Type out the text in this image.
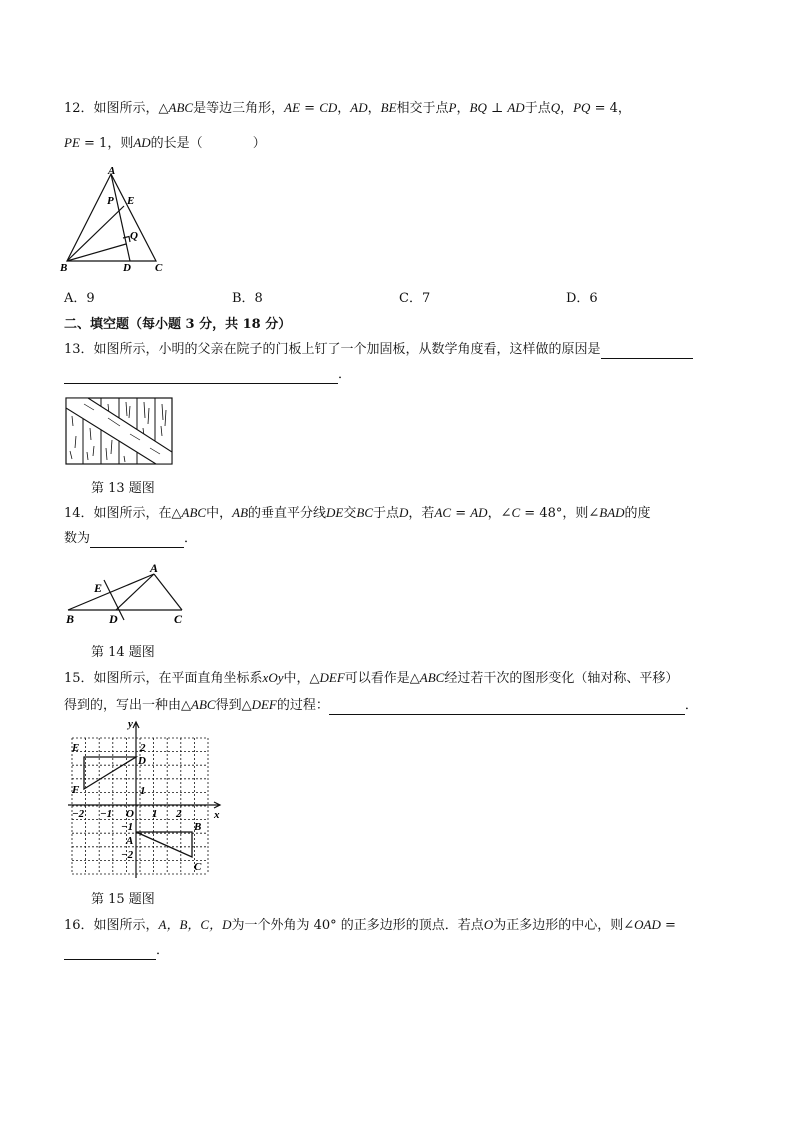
12．如图所示，△ABC是等边三角形，AE = CD，AD，BE相交于点P，BQ ⊥ AD于点Q，PQ = 4，
PE = 1，则AD的长是（	）
A
B	C
D
E
P
Q
A．9	B．8	C．7	D．6
二、填空题（每小题 3 分，共 18 分）
13．如图所示，小明的父亲在院子的门板上钉了一个加固板，从数学角度看，这样做的原因是
．
第 13 题图
14．如图所示，在△ABC中，AB的垂直平分线DE交BC于点D，若AC = AD，∠C = 48°，则∠BAD的度
数为	．
A
B	C
D
E
第 14 题图
15．如图所示，在平面直角坐标系xOy中，△DEF可以看作是△ABC经过若干次的图形变化（轴对称、平移）
得到的，写出一种由△ABC得到△DEF的过程：	．
y
x
O
−2 −1	1 2
2
1
−1
−2
E
D
F
A
B
C
第 15 题图
16．如图所示，A，B，C，D为一个外角为 40° 的正多边形的顶点．若点O为正多边形的中心，则∠OAD =
．
